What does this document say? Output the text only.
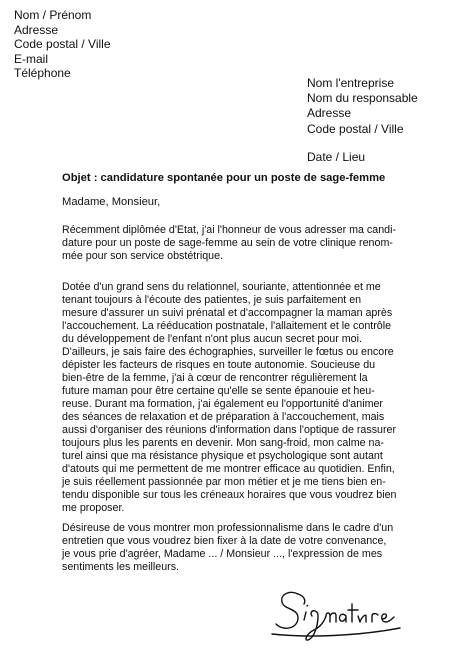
Nom / Prénom
Adresse
Code postal / Ville
E-mail
Téléphone
Nom l'entreprise
Nom du responsable
Adresse
Code postal / Ville
Date / Lieu
Objet : candidature spontanée pour un poste de sage-femme
Madame, Monsieur,
Récemment diplômée d'Etat, j'ai l'honneur de vous adresser ma candi-
dature pour un poste de sage-femme au sein de votre clinique renom-
mée pour son service obstétrique.
Dotée d'un grand sens du relationnel, souriante, attentionnée et me
tenant toujours à l'écoute des patientes, je suis parfaitement en
mesure d'assurer un suivi prénatal et d'accompagner la maman après
l'accouchement. La rééducation postnatale, l'allaitement et le contrôle
du développement de l'enfant n'ont plus aucun secret pour moi.
D'ailleurs, je sais faire des échographies, surveiller le fœtus ou encore
dépister les facteurs de risques en toute autonomie. Soucieuse du
bien-être de la femme, j'ai à cœur de rencontrer régulièrement la
future maman pour être certaine qu'elle se sente épanouie et heu-
reuse. Durant ma formation, j'ai également eu l'opportunité d'animer
des séances de relaxation et de préparation à l'accouchement, mais
aussi d'organiser des réunions d'information dans l'optique de rassurer
toujours plus les parents en devenir. Mon sang-froid, mon calme na-
turel ainsi que ma résistance physique et psychologique sont autant
d'atouts qui me permettent de me montrer efficace au quotidien. Enfin,
je suis réellement passionnée par mon métier et je me tiens bien en-
tendu disponible sur tous les créneaux horaires que vous voudrez bien
me proposer.
Désireuse de vous montrer mon professionnalisme dans le cadre d'un
entretien que vous voudrez bien fixer à la date de votre convenance,
je vous prie d'agréer, Madame ... / Monsieur ..., l'expression de mes
sentiments les meilleurs.
